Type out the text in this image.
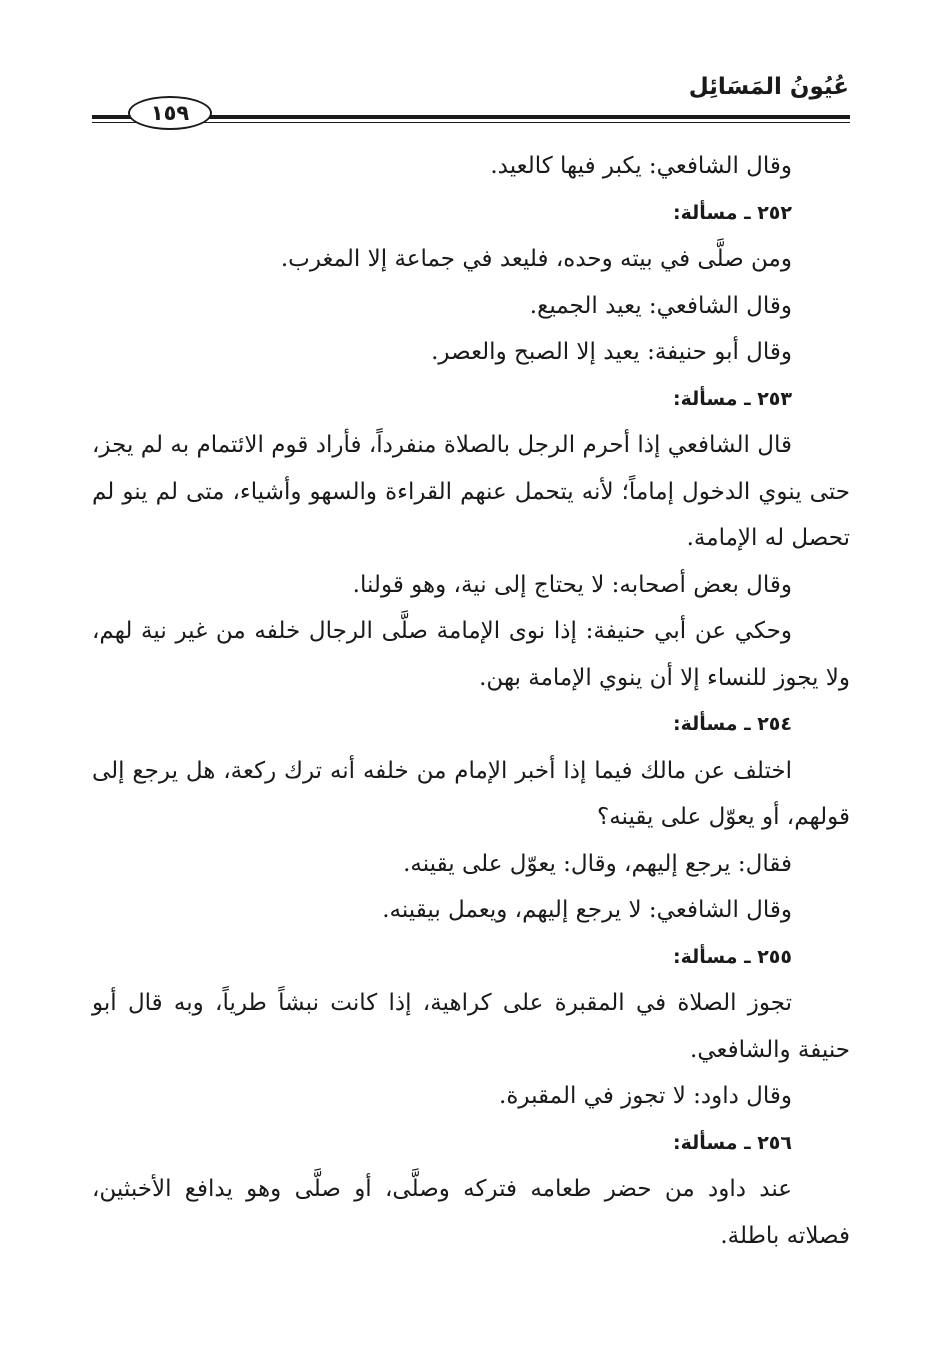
عُيُونُ المَسَائِل
١٥٩

وقال الشافعي: يكبر فيها كالعيد.

٢٥٢ ـ مسألة:

ومن صلَّى في بيته وحده، فليعد في جماعة إلا المغرب.

وقال الشافعي: يعيد الجميع.

وقال أبو حنيفة: يعيد إلا الصبح والعصر.

٢٥٣ ـ مسألة:

قال الشافعي إذا أحرم الرجل بالصلاة منفرداً، فأراد قوم الائتمام به لم يجز، حتى ينوي الدخول إماماً؛ لأنه يتحمل عنهم القراءة والسهو وأشياء، متى لم ينو لم تحصل له الإمامة.

وقال بعض أصحابه: لا يحتاج إلى نية، وهو قولنا.

وحكي عن أبي حنيفة: إذا نوى الإمامة صلَّى الرجال خلفه من غير نية لهم، ولا يجوز للنساء إلا أن ينوي الإمامة بهن.

٢٥٤ ـ مسألة:

اختلف عن مالك فيما إذا أخبر الإمام من خلفه أنه ترك ركعة، هل يرجع إلى قولهم، أو يعوّل على يقينه؟

فقال: يرجع إليهم، وقال: يعوّل على يقينه.

وقال الشافعي: لا يرجع إليهم، ويعمل بيقينه.

٢٥٥ ـ مسألة:

تجوز الصلاة في المقبرة على كراهية، إذا كانت نبشاً طرياً، وبه قال أبو حنيفة والشافعي.

وقال داود: لا تجوز في المقبرة.

٢٥٦ ـ مسألة:

عند داود من حضر طعامه فتركه وصلَّى، أو صلَّى وهو يدافع الأخبثين، فصلاته باطلة.
